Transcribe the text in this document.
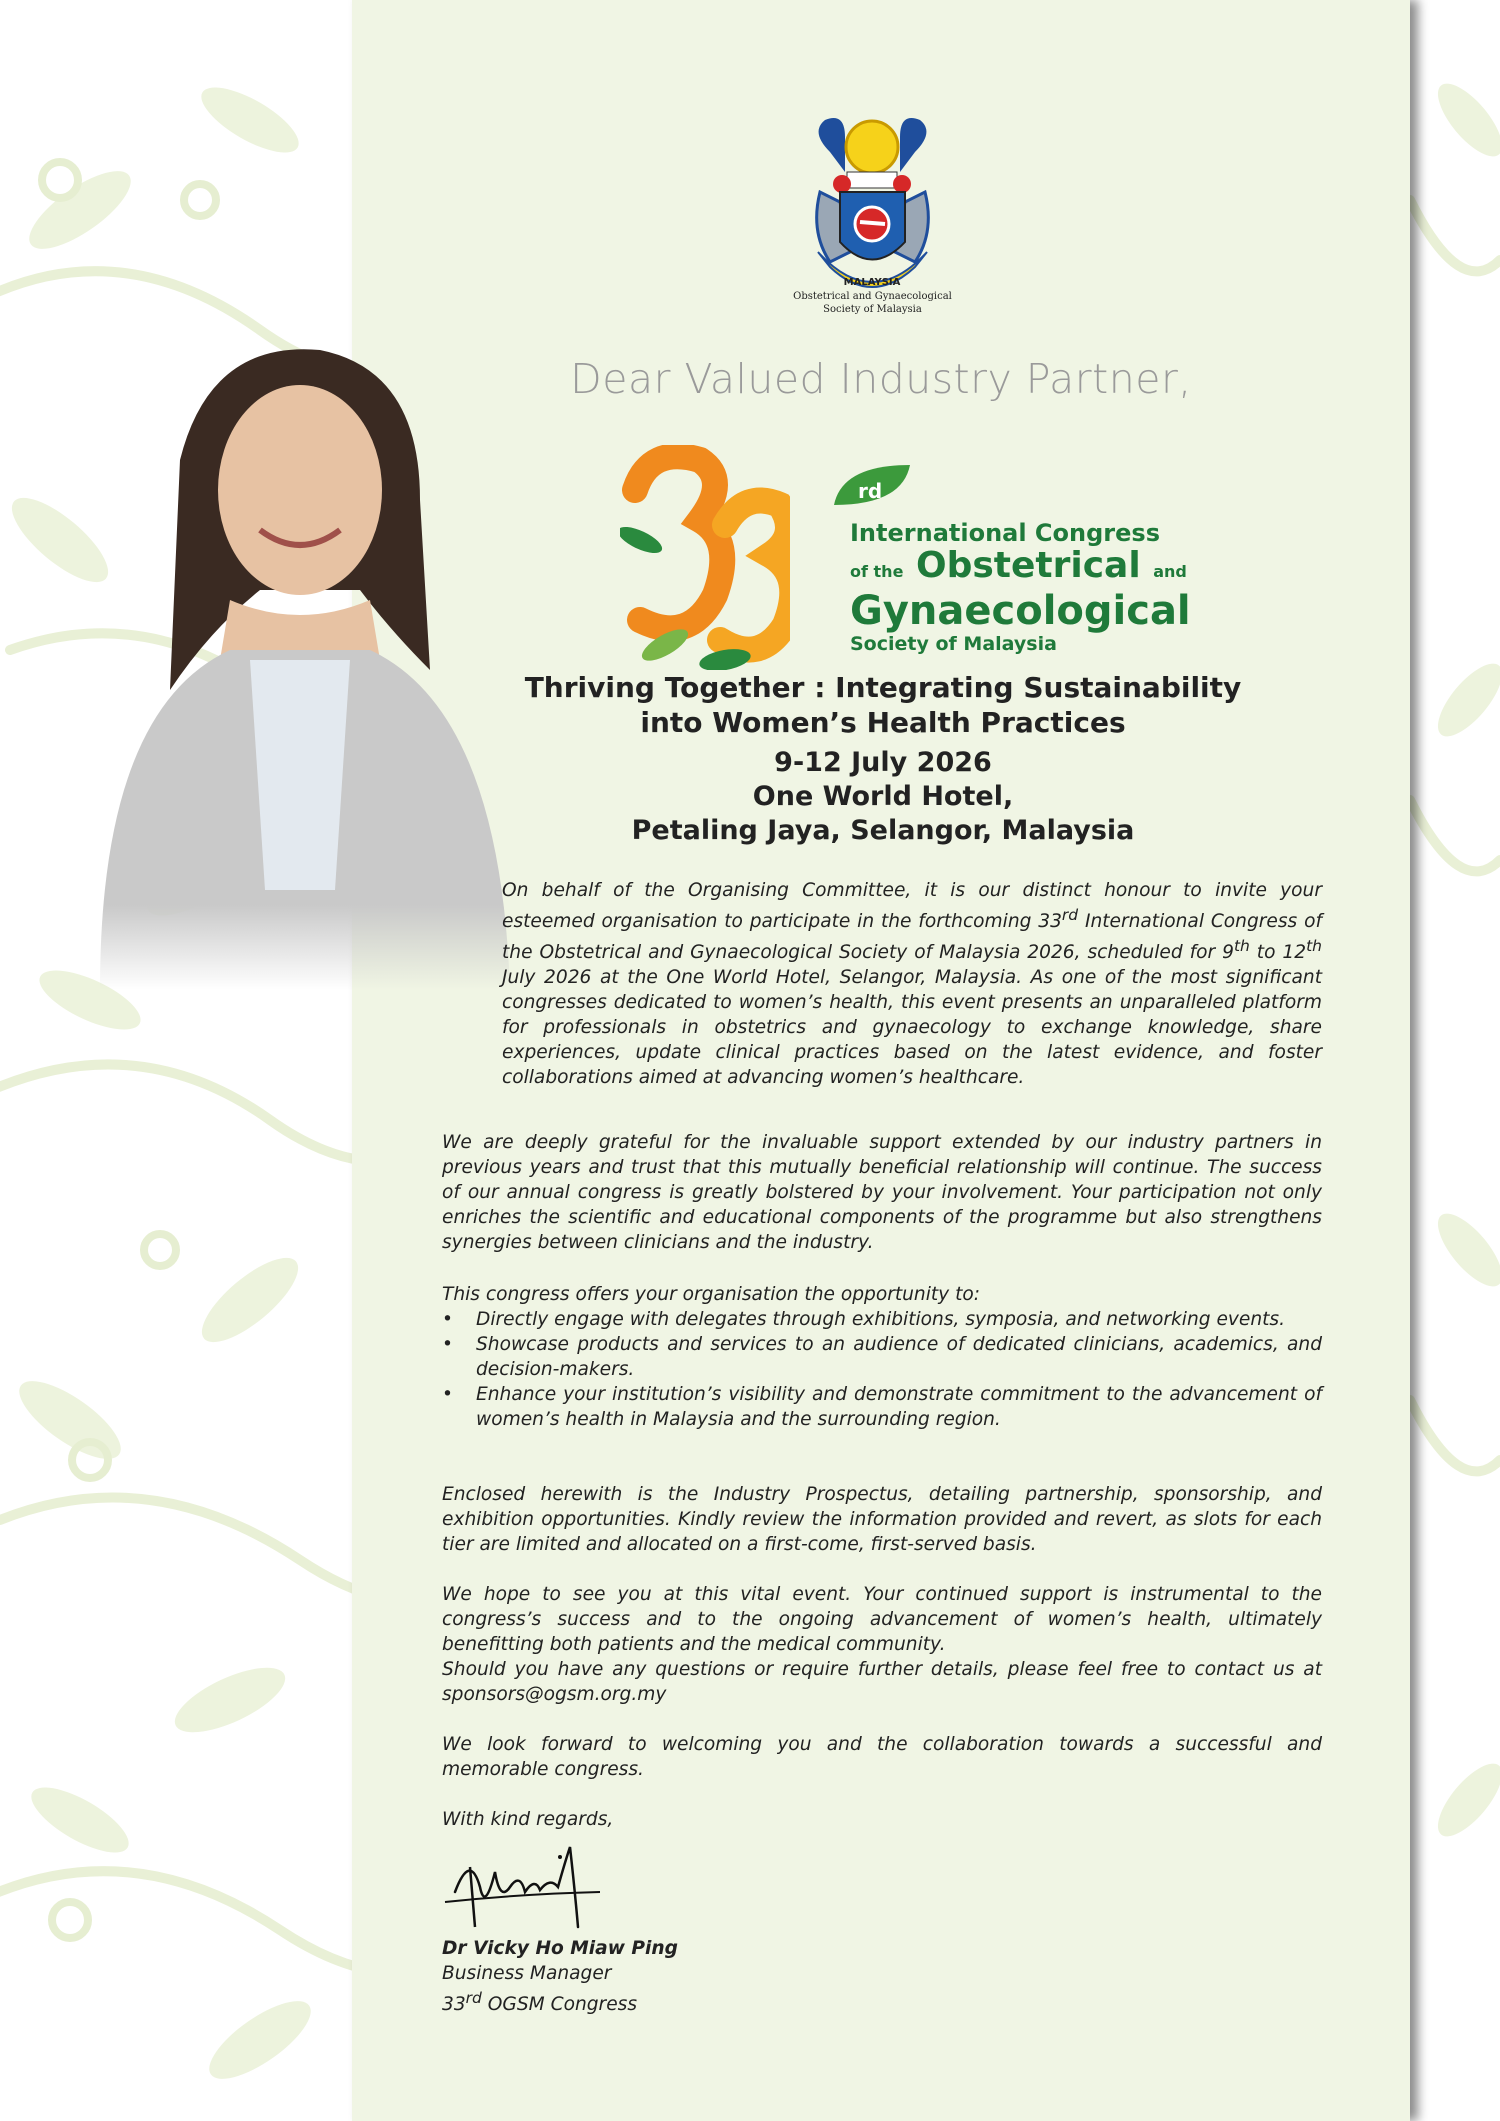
MALAYSIA
Obstetrical and Gynaecological
Society of Malaysia
Dear Valued Industry Partner,
rd
International Congress
of the Obstetrical and
Gynaecological
Society of Malaysia
Thriving Together : Integrating Sustainability
into Women’s Health Practices
9-12 July 2026
One World Hotel,
Petaling Jaya, Selangor, Malaysia
On behalf of the Organising Committee, it is our distinct honour to invite your esteemed organisation to participate in the forthcoming 33rd International Congress of the Obstetrical and Gynaecological Society of Malaysia 2026, scheduled for 9th to 12th July 2026 at the One World Hotel, Selangor, Malaysia. As one of the most significant congresses dedicated to women’s health, this event presents an unparalleled platform for professionals in obstetrics and gynaecology to exchange knowledge, share experiences, update clinical practices based on the latest evidence, and foster collaborations aimed at advancing women’s healthcare.
We are deeply grateful for the invaluable support extended by our industry partners in previous years and trust that this mutually beneficial relationship will continue. The success of our annual congress is greatly bolstered by your involvement. Your participation not only enriches the scientific and educational components of the programme but also strengthens synergies between clinicians and the industry.
This congress offers your organisation the opportunity to:
• Directly engage with delegates through exhibitions, symposia, and networking events.
• Showcase products and services to an audience of dedicated clinicians, academics, and decision-makers.
• Enhance your institution’s visibility and demonstrate commitment to the advancement of women’s health in Malaysia and the surrounding region.
Enclosed herewith is the Industry Prospectus, detailing partnership, sponsorship, and exhibition opportunities. Kindly review the information provided and revert, as slots for each tier are limited and allocated on a first-come, first-served basis.
We hope to see you at this vital event. Your continued support is instrumental to the congress’s success and to the ongoing advancement of women’s health, ultimately benefitting both patients and the medical community.
Should you have any questions or require further details, please feel free to contact us at sponsors@ogsm.org.my
We look forward to welcoming you and the collaboration towards a successful and memorable congress.
With kind regards,
Dr Vicky Ho Miaw Ping
Business Manager
33rd OGSM Congress
